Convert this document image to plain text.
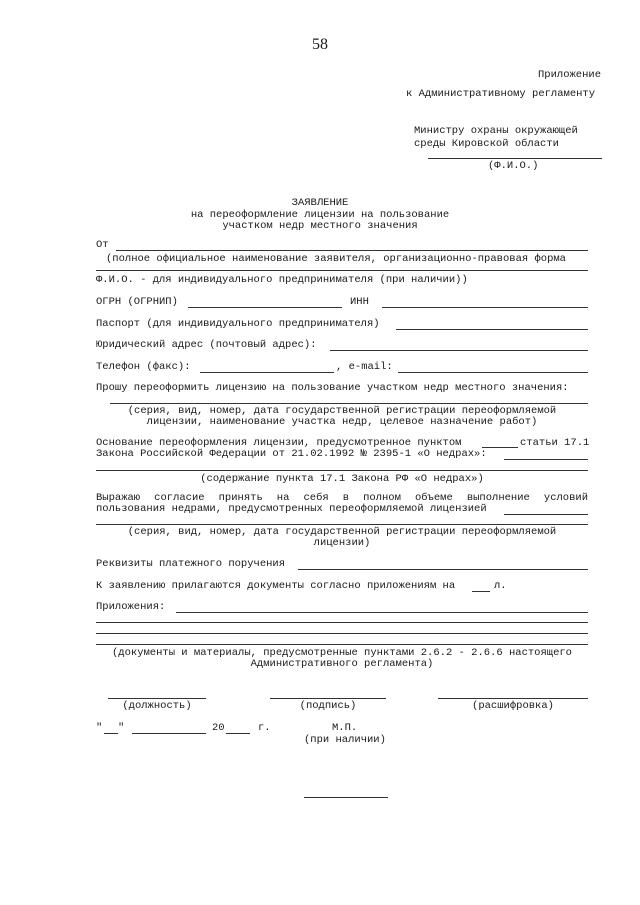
58
Приложение
к Административному регламенту
Министру охраны окружающей
среды Кировской области
(Ф.И.О.)
ЗАЯВЛЕНИЕ
на переоформление лицензии на пользование
участком недр местного значения
От
(полное официальное наименование заявителя, организационно-правовая форма
Ф.И.О. - для индивидуального предпринимателя (при наличии))
ОГРН (ОГРНИП)	ИНН
Паспорт (для индивидуального предпринимателя)
Юридический адрес (почтовый адрес):
Телефон (факс):	, e-mail:
Прошу переоформить лицензию на пользование участком недр местного значения:
(серия, вид, номер, дата государственной регистрации переоформляемой
лицензии, наименование участка недр, целевое назначение работ)
Основание переоформления лицензии, предусмотренное пунктом	статьи 17.1
Закона Российской Федерации от 21.02.1992 № 2395-1 «О недрах»:
(содержание пункта 17.1 Закона РФ «О недрах»)
Выражаю согласие принять на себя в полном объеме выполнение условий
пользования недрами, предусмотренных переоформляемой лицензией
(серия, вид, номер, дата государственной регистрации переоформляемой
лицензии)
Реквизиты платежного поручения
К заявлению прилагаются документы согласно приложениям на	л.
Приложения:
(документы и материалы, предусмотренные пунктами 2.6.2 - 2.6.6 настоящего
Административного регламента)
(должность)	(подпись)	(расшифровка)
" "	20	г.	М.П.
(при наличии)
